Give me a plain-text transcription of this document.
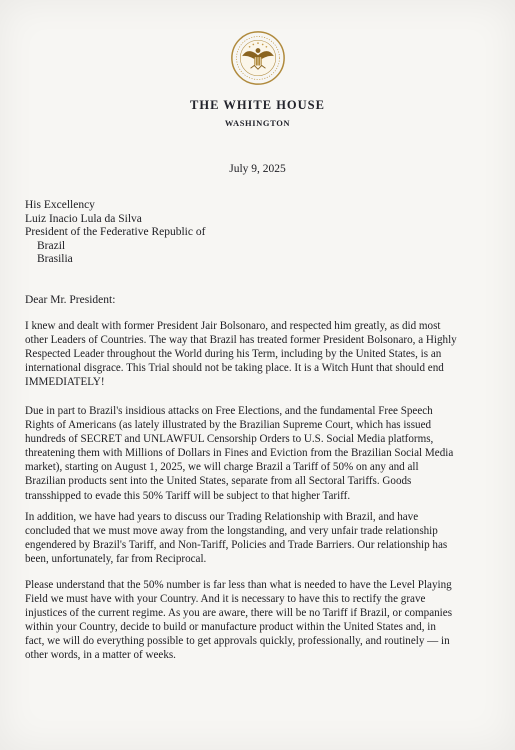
THE WHITE HOUSE
WASHINGTON
July 9, 2025
His Excellency
Luiz Inacio Lula da Silva
President of the Federative Republic of
Brazil
Brasilia
Dear Mr. President:
I knew and dealt with former President Jair Bolsonaro, and respected him greatly, as did most
other Leaders of Countries. The way that Brazil has treated former President Bolsonaro, a Highly
Respected Leader throughout the World during his Term, including by the United States, is an
international disgrace. This Trial should not be taking place. It is a Witch Hunt that should end
IMMEDIATELY!
Due in part to Brazil's insidious attacks on Free Elections, and the fundamental Free Speech
Rights of Americans (as lately illustrated by the Brazilian Supreme Court, which has issued
hundreds of SECRET and UNLAWFUL Censorship Orders to U.S. Social Media platforms,
threatening them with Millions of Dollars in Fines and Eviction from the Brazilian Social Media
market), starting on August 1, 2025, we will charge Brazil a Tariff of 50% on any and all
Brazilian products sent into the United States, separate from all Sectoral Tariffs. Goods
transshipped to evade this 50% Tariff will be subject to that higher Tariff.
In addition, we have had years to discuss our Trading Relationship with Brazil, and have
concluded that we must move away from the longstanding, and very unfair trade relationship
engendered by Brazil's Tariff, and Non-Tariff, Policies and Trade Barriers. Our relationship has
been, unfortunately, far from Reciprocal.
Please understand that the 50% number is far less than what is needed to have the Level Playing
Field we must have with your Country. And it is necessary to have this to rectify the grave
injustices of the current regime. As you are aware, there will be no Tariff if Brazil, or companies
within your Country, decide to build or manufacture product within the United States and, in
fact, we will do everything possible to get approvals quickly, professionally, and routinely — in
other words, in a matter of weeks.
